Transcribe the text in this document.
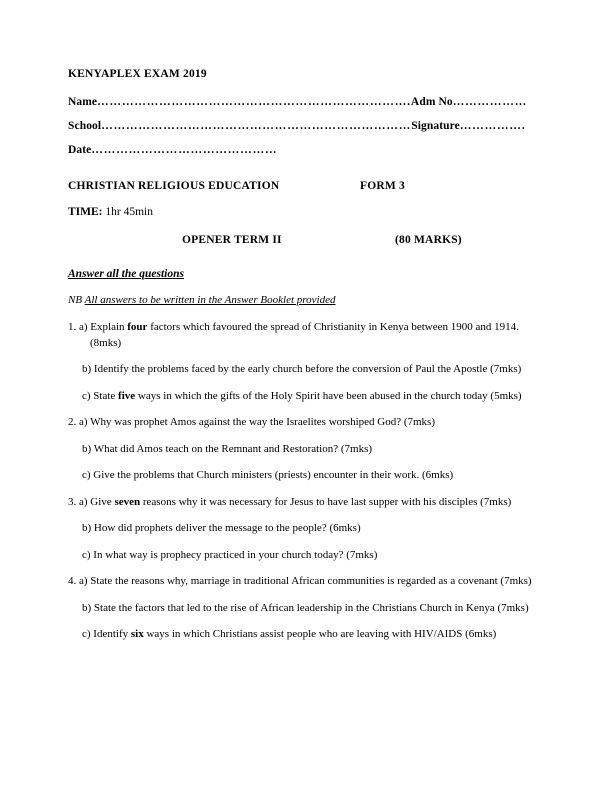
KENYAPLEX EXAM 2019
Name………………………………………………………………….Adm No………………
School…………………………………………………………………Signature…………….
Date………………………………………
CHRISTIAN RELIGIOUS EDUCATION	FORM 3
TIME: 1hr 45min
OPENER TERM II	(80 MARKS)
Answer all the questions
NB All answers to be written in the Answer Booklet provided
1. a) Explain four factors which favoured the spread of Christianity in Kenya between 1900 and 1914. (8mks)
b) Identify the problems faced by the early church before the conversion of Paul the Apostle (7mks)
c) State five ways in which the gifts of the Holy Spirit have been abused in the church today (5mks)
2. a) Why was prophet Amos against the way the Israelites worshiped God? (7mks)
b) What did Amos teach on the Remnant and Restoration? (7mks)
c) Give the problems that Church ministers (priests) encounter in their work. (6mks)
3. a) Give seven reasons why it was necessary for Jesus to have last supper with his disciples (7mks)
b) How did prophets deliver the message to the people? (6mks)
c) In what way is prophecy practiced in your church today? (7mks)
4. a) State the reasons why, marriage in traditional African communities is regarded as a covenant (7mks)
b) State the factors that led to the rise of African leadership in the Christians Church in Kenya (7mks)
c) Identify six ways in which Christians assist people who are leaving with HIV/AIDS (6mks)
